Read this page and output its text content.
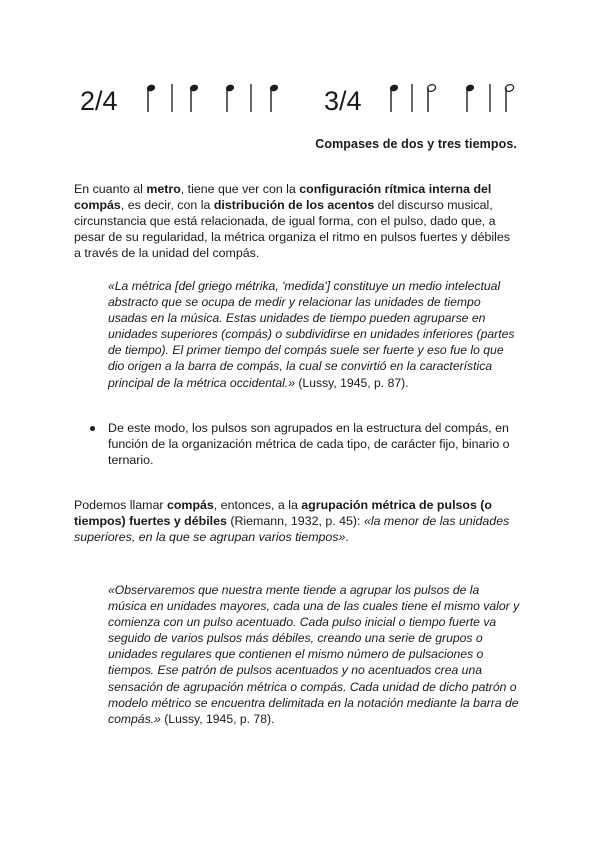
2/4	3/4
Compases de dos y tres tiempos.
En cuanto al metro, tiene que ver con la configuración rítmica interna del compás, es decir, con la distribución de los acentos del discurso musical, circunstancia que está relacionada, de igual forma, con el pulso, dado que, a pesar de su regularidad, la métrica organiza el ritmo en pulsos fuertes y débiles a través de la unidad del compás.
«La métrica [del griego métrika, 'medida'] constituye un medio intelectual abstracto que se ocupa de medir y relacionar las unidades de tiempo usadas en la música. Estas unidades de tiempo pueden agruparse en unidades superiores (compás) o subdividirse en unidades inferiores (partes de tiempo). El primer tiempo del compás suele ser fuerte y eso fue lo que dio origen a la barra de compás, la cual se convirtió en la característica principal de la métrica occidental.» (Lussy, 1945, p. 87).
De este modo, los pulsos son agrupados en la estructura del compás, en función de la organización métrica de cada tipo, de carácter fijo, binario o ternario.
Podemos llamar compás, entonces, a la agrupación métrica de pulsos (o tiempos) fuertes y débiles (Riemann, 1932, p. 45): «la menor de las unidades superiores, en la que se agrupan varios tiempos».
«Observaremos que nuestra mente tiende a agrupar los pulsos de la música en unidades mayores, cada una de las cuales tiene el mismo valor y comienza con un pulso acentuado. Cada pulso inicial o tiempo fuerte va seguido de varios pulsos más débiles, creando una serie de grupos o unidades regulares que contienen el mismo número de pulsaciones o tiempos. Ese patrón de pulsos acentuados y no acentuados crea una sensación de agrupación métrica o compás. Cada unidad de dicho patrón o modelo métrico se encuentra delimitada en la notación mediante la barra de compás.» (Lussy, 1945, p. 78).
